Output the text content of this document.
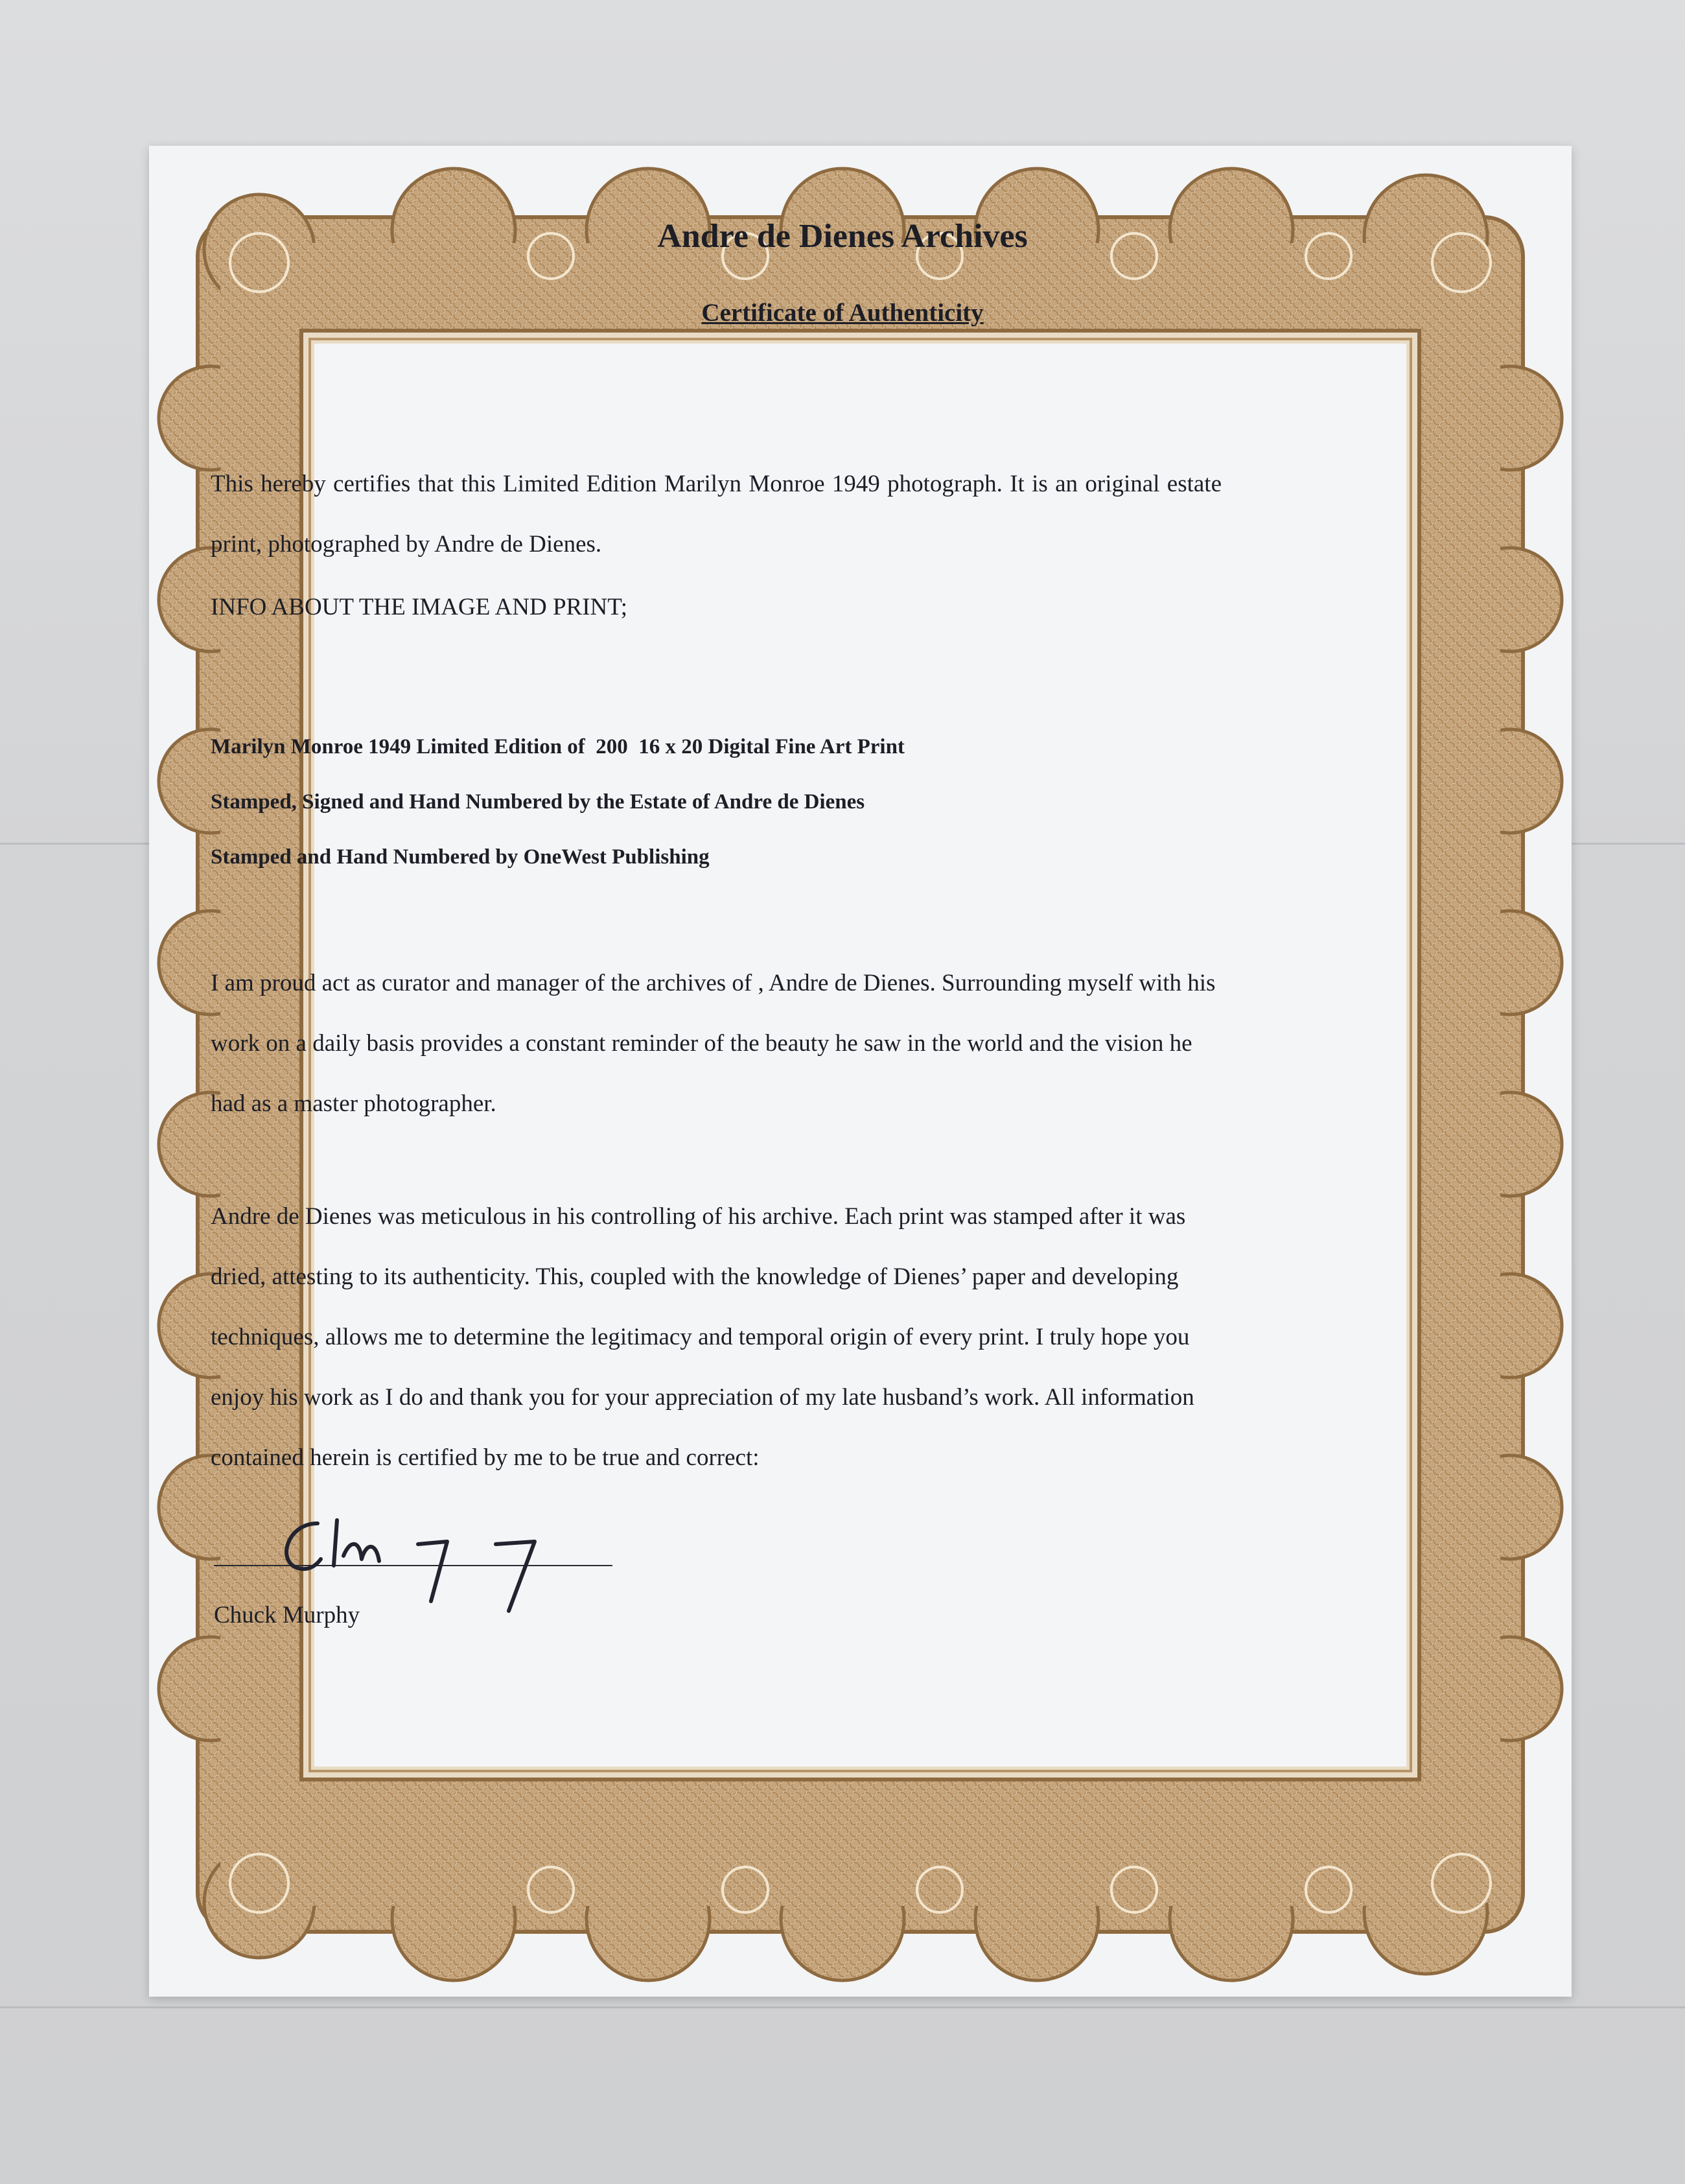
Andre de Dienes Archives
Certificate of Authenticity
This hereby certifies that this Limited Edition Marilyn Monroe 1949 photograph. It is an original estate print, photographed by Andre de Dienes.
INFO ABOUT THE IMAGE AND PRINT;
Marilyn Monroe 1949 Limited Edition of  200  16 x 20 Digital Fine Art Print
Stamped, Signed and Hand Numbered by the Estate of Andre de Dienes
Stamped and Hand Numbered by OneWest Publishing
I am proud act as curator and manager of the archives of , Andre de Dienes. Surrounding myself with his work on a daily basis provides a constant reminder of the beauty he saw in the world and the vision he had as a master photographer.
Andre de Dienes was meticulous in his controlling of his archive. Each print was stamped after it was dried, attesting to its authenticity. This, coupled with the knowledge of Dienes’ paper and developing techniques, allows me to determine the legitimacy and temporal origin of every print. I truly hope you enjoy his work as I do and thank you for your appreciation of my late husband’s work. All information contained herein is certified by me to be true and correct:
Chuck Murphy
